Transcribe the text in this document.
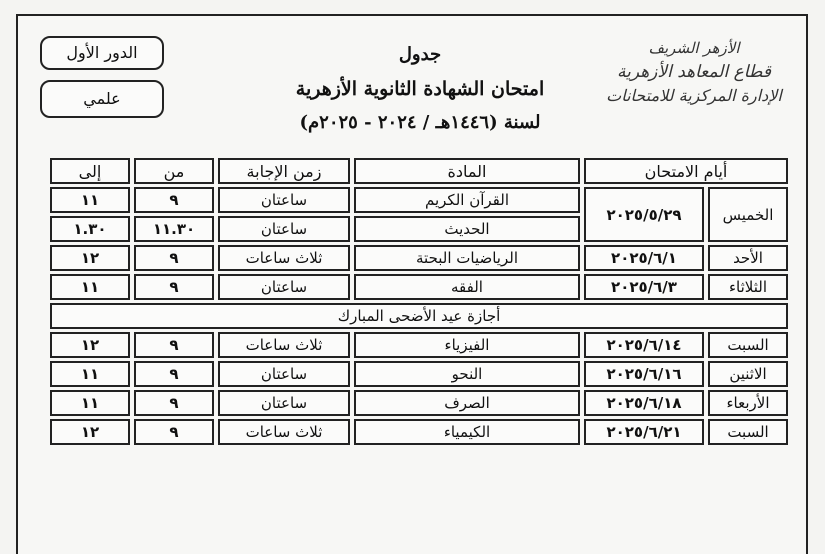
الدور الأول
علمي
جدول
امتحان الشهادة الثانوية الأزهرية
لسنة (١٤٤٦هـ / ٢٠٢٤ - ٢٠٢٥م)
الأزهر الشريف
قطاع المعاهد الأزهرية
الإدارة المركزية للامتحانات
أيام الامتحان		المادة	زمن الإجابة	من	إلى
الخميس	٢٠٢٥/٥/٢٩	القرآن الكريم	ساعتان	٩	١١
		الحديث	ساعتان	١١.٣٠	١.٣٠
الأحد	٢٠٢٥/٦/١	الرياضيات البحتة	ثلاث ساعات	٩	١٢
الثلاثاء	٢٠٢٥/٦/٣	الفقه	ساعتان	٩	١١
أجازة عيد الأضحى المبارك					
السبت	٢٠٢٥/٦/١٤	الفيزياء	ثلاث ساعات	٩	١٢
الاثنين	٢٠٢٥/٦/١٦	النحو	ساعتان	٩	١١
الأربعاء	٢٠٢٥/٦/١٨	الصرف	ساعتان	٩	١١
السبت	٢٠٢٥/٦/٢١	الكيمياء	ثلاث ساعات	٩	١٢
